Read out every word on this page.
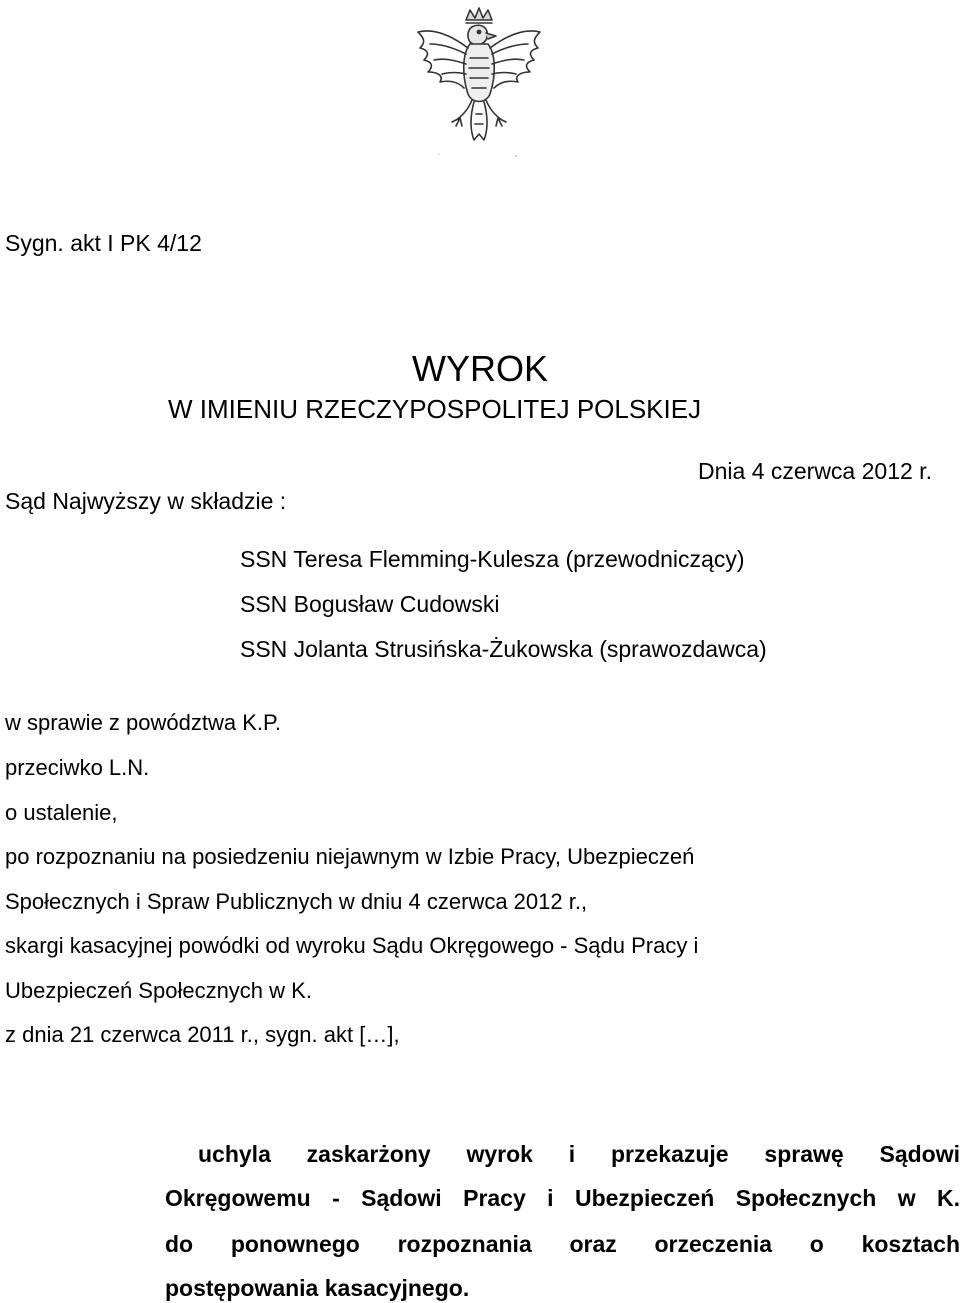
Sygn. akt I PK 4/12
WYROK
W IMIENIU RZECZYPOSPOLITEJ POLSKIEJ
Dnia 4 czerwca 2012 r.
Sąd Najwyższy w składzie :
SSN Teresa Flemming-Kulesza (przewodniczący)
SSN Bogusław Cudowski
SSN Jolanta Strusińska-Żukowska (sprawozdawca)
w sprawie z powództwa K.P.
przeciwko L.N.
o ustalenie,
po rozpoznaniu na posiedzeniu niejawnym w Izbie Pracy, Ubezpieczeń
Społecznych i Spraw Publicznych w dniu 4 czerwca 2012 r.,
skargi kasacyjnej powódki od wyroku Sądu Okręgowego - Sądu Pracy i
Ubezpieczeń Społecznych w K.
z dnia 21 czerwca 2011 r., sygn. akt […],
uchyla zaskarżony wyrok i przekazuje sprawę Sądowi
Okręgowemu - Sądowi Pracy i Ubezpieczeń Społecznych w K.
do ponownego rozpoznania oraz orzeczenia o kosztach
postępowania kasacyjnego.
